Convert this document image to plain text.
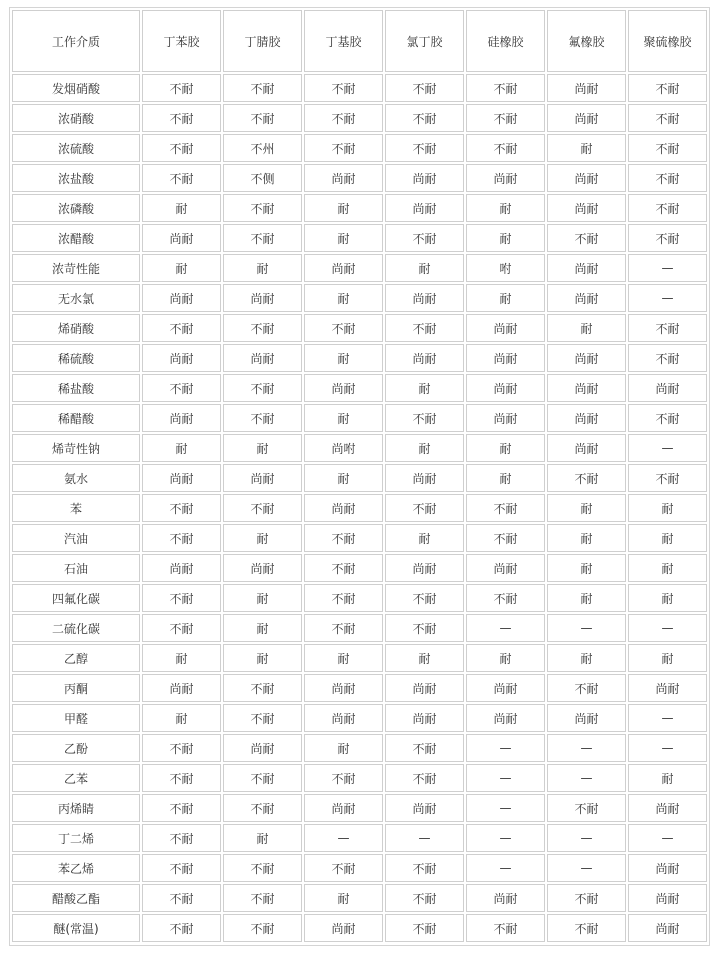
工作介质	丁苯胶	丁腈胶	丁基胶	氯丁胶	硅橡胶	氟橡胶	聚硫橡胶
发烟硝酸	不耐	不耐	不耐	不耐	不耐	尚耐	不耐
浓硝酸	不耐	不耐	不耐	不耐	不耐	尚耐	不耐
浓硫酸	不耐	不州	不耐	不耐	不耐	耐	不耐
浓盐酸	不耐	不侧	尚耐	尚耐	尚耐	尚耐	不耐
浓磷酸	耐	不耐	耐	尚耐	耐	尚耐	不耐
浓醋酸	尚耐	不耐	耐	不耐	耐	不耐	不耐
浓苛性能	耐	耐	尚耐	耐	咐	尚耐	—
无水氯	尚耐	尚耐	耐	尚耐	耐	尚耐	—
烯硝酸	不耐	不耐	不耐	不耐	尚耐	耐	不耐
稀硫酸	尚耐	尚耐	耐	尚耐	尚耐	尚耐	不耐
稀盐酸	不耐	不耐	尚耐	耐	尚耐	尚耐	尚耐
稀醋酸	尚耐	不耐	耐	不耐	尚耐	尚耐	不耐
烯苛性钠	耐	耐	尚咐	耐	耐	尚耐	—
氨水	尚耐	尚耐	耐	尚耐	耐	不耐	不耐
苯	不耐	不耐	尚耐	不耐	不耐	耐	耐
汽油	不耐	耐	不耐	耐	不耐	耐	耐
石油	尚耐	尚耐	不耐	尚耐	尚耐	耐	耐
四氟化碳	不耐	耐	不耐	不耐	不耐	耐	耐
二硫化碳	不耐	耐	不耐	不耐	—	—	—
乙醇	耐	耐	耐	耐	耐	耐	耐
丙酮	尚耐	不耐	尚耐	尚耐	尚耐	不耐	尚耐
甲醛	耐	不耐	尚耐	尚耐	尚耐	尚耐	—
乙酚	不耐	尚耐	耐	不耐	—	—	—
乙苯	不耐	不耐	不耐	不耐	—	—	耐
丙烯睛	不耐	不耐	尚耐	尚耐	—	不耐	尚耐
丁二烯	不耐	耐	—	—	—	—	—
苯乙烯	不耐	不耐	不耐	不耐	—	—	尚耐
醋酸乙酯	不耐	不耐	耐	不耐	尚耐	不耐	尚耐
醚(常温)	不耐	不耐	尚耐	不耐	不耐	不耐	尚耐
